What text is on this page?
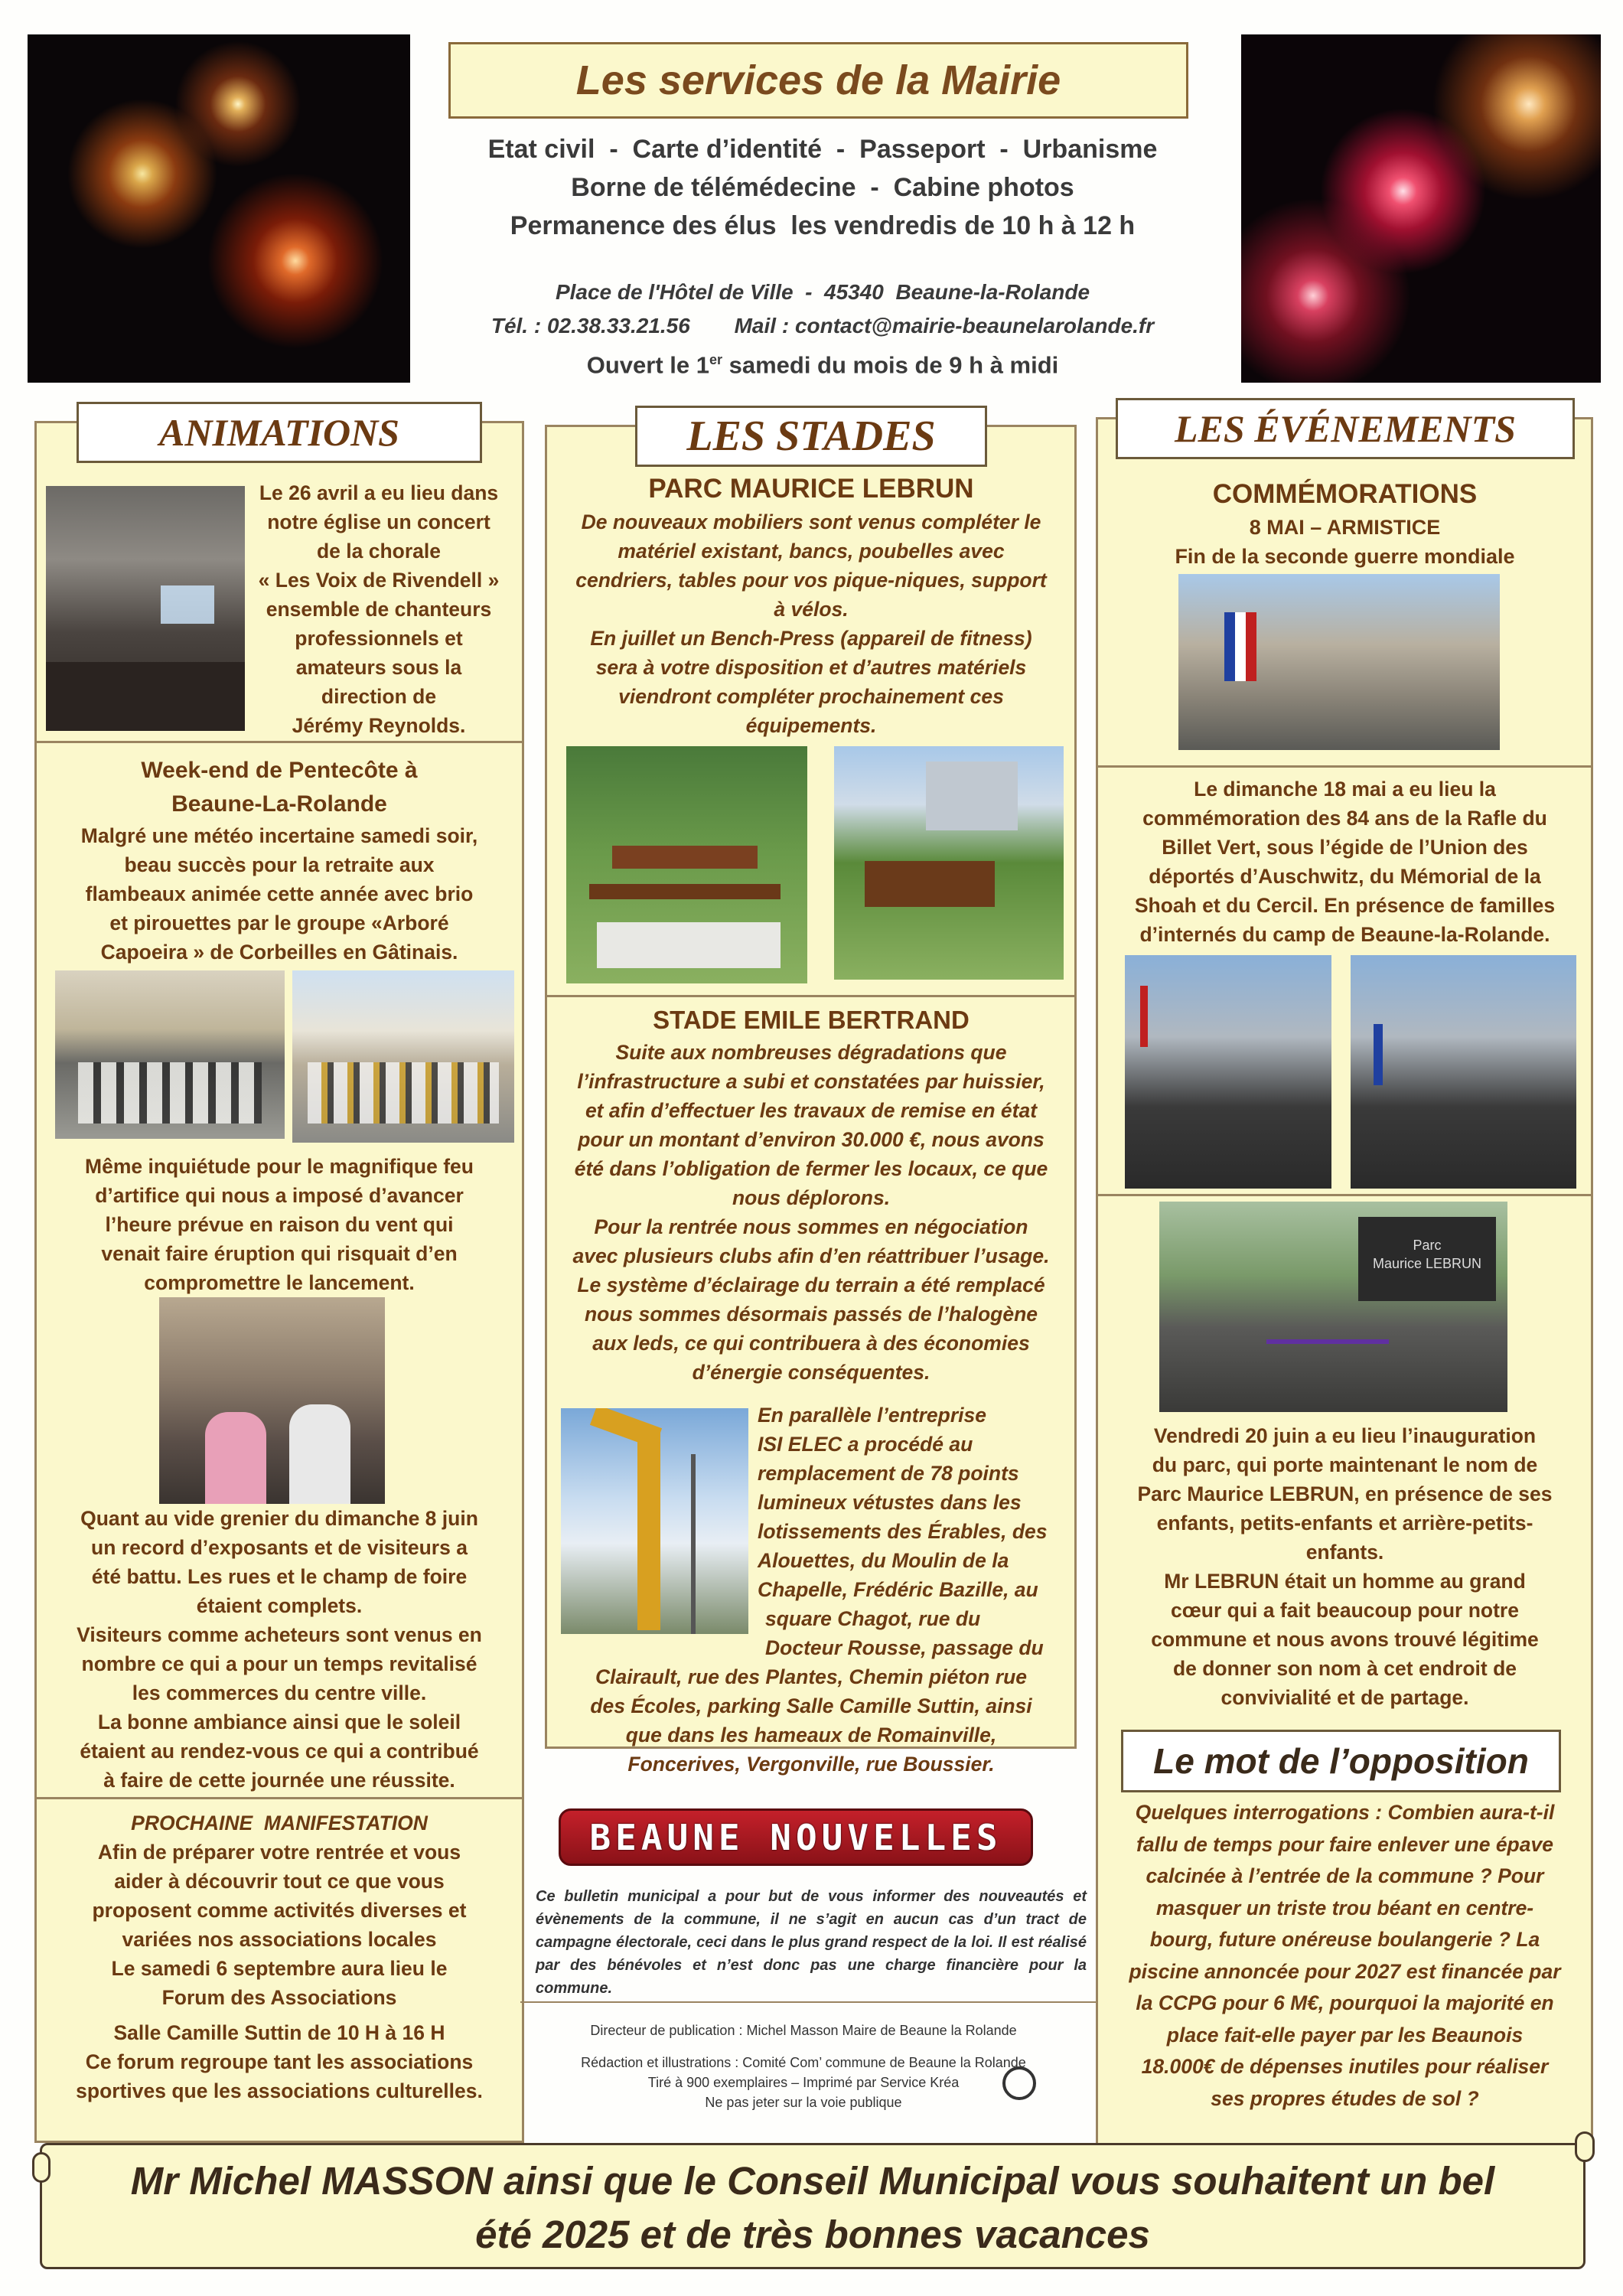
Les services de la Mairie
Etat civil  -  Carte d’identité  -  Passeport  -  Urbanisme
Borne de télémédecine  -  Cabine photos
Permanence des élus  les vendredis de 10 h à 12 h
Place de l'Hôtel de Ville  -  45340  Beaune-la-Rolande
Tél. : 02.38.33.21.56 Mail : contact@mairie-beaunelarolande.fr
Ouvert le 1er samedi du mois de 9 h à midi
ANIMATIONS
Le 26 avril a eu lieu dans
notre église un concert
de la chorale
« Les Voix de Rivendell »
ensemble de chanteurs
professionnels et
amateurs sous la
direction de
Jérémy Reynolds.
Week-end de Pentecôte à
Beaune-La-Rolande
Malgré une météo incertaine samedi soir,
beau succès pour la retraite aux
flambeaux animée cette année avec brio
et pirouettes par le groupe «Arboré
Capoeira » de Corbeilles en Gâtinais.
Même inquiétude pour le magnifique feu
d’artifice qui nous a imposé d’avancer
l’heure prévue en raison du vent qui
venait faire éruption qui risquait d’en
compromettre le lancement.
Quant au vide grenier du dimanche 8 juin
un record d’exposants et de visiteurs a
été battu. Les rues et le champ de foire
étaient complets.
Visiteurs comme acheteurs sont venus en
nombre ce qui a pour un temps revitalisé
les commerces du centre ville.
La bonne ambiance ainsi que le soleil
étaient au rendez-vous ce qui a contribué
à faire de cette journée une réussite.
PROCHAINE  MANIFESTATION
Afin de préparer votre rentrée et vous
aider à découvrir tout ce que vous
proposent comme activités diverses et
variées nos associations locales
Le samedi 6 septembre aura lieu le
Forum des Associations
Salle Camille Suttin de 10 H à 16 H
Ce forum regroupe tant les associations
sportives que les associations culturelles.
LES STADES
PARC MAURICE LEBRUN
De nouveaux mobiliers sont venus compléter le
matériel existant, bancs, poubelles avec
cendriers, tables pour vos pique-niques, support
à vélos.
En juillet un Bench-Press (appareil de fitness)
sera à votre disposition et d’autres matériels
viendront compléter prochainement ces
équipements.
STADE EMILE BERTRAND
Suite aux nombreuses dégradations que
l’infrastructure a subi et constatées par huissier,
et afin d’effectuer les travaux de remise en état
pour un montant d’environ 30.000 €, nous avons
été dans l’obligation de fermer les locaux, ce que
nous déplorons.
Pour la rentrée nous sommes en négociation
avec plusieurs clubs afin d’en réattribuer l’usage.
Le système d’éclairage du terrain a été remplacé
nous sommes désormais passés de l’halogène
aux leds, ce qui contribuera à des économies
d’énergie conséquentes.
En parallèle l’entreprise
ISI ELEC a procédé au
remplacement de 78 points
lumineux vétustes dans les
lotissements des Érables, des
Alouettes, du Moulin de la
Chapelle, Frédéric Bazille, au
square Chagot, rue du
Docteur Rousse, passage du
Clairault, rue des Plantes, Chemin piéton rue
des Écoles, parking Salle Camille Suttin, ainsi
que dans les hameaux de Romainville,
Foncerives, Vergonville, rue Boussier.
BEAUNE NOUVELLES
Ce bulletin municipal a pour but de vous informer des nouveautés et évènements de la commune, il ne s’agit en aucun cas d’un tract de campagne électorale, ceci dans le plus grand respect de la loi. Il est réalisé par des bénévoles et n’est donc pas une charge financière pour la commune.
Directeur de publication : Michel Masson Maire de Beaune la Rolande
Rédaction et illustrations : Comité Com’ commune de Beaune la Rolande
Tiré à 900 exemplaires – Imprimé par Service Kréa
Ne pas jeter sur la voie publique
LES ÉVÉNEMENTS
COMMÉMORATIONS
8 MAI – ARMISTICE
Fin de la seconde guerre mondiale
Le dimanche 18 mai a eu lieu la
commémoration des 84 ans de la Rafle du
Billet Vert, sous l’égide de l’Union des
déportés d’Auschwitz, du Mémorial de la
Shoah et du Cercil. En présence de familles
d’internés du camp de Beaune-la-Rolande.
Parc
Maurice LEBRUN
Vendredi 20 juin a eu lieu l’inauguration
du parc, qui porte maintenant le nom de
Parc Maurice LEBRUN, en présence de ses
enfants, petits-enfants et arrière-petits-
enfants.
Mr LEBRUN était un homme au grand
cœur qui a fait beaucoup pour notre
commune et nous avons trouvé légitime
de donner son nom à cet endroit de
convivialité et de partage.
Le mot de l’opposition
Quelques interrogations : Combien aura-t-il
fallu de temps pour faire enlever une épave
calcinée à l’entrée de la commune ? Pour
masquer un triste trou béant en centre-
bourg, future onéreuse boulangerie ? La
piscine annoncée pour 2027 est financée par
la CCPG pour 6 M€, pourquoi la majorité en
place fait-elle payer par les Beaunois
18.000€ de dépenses inutiles pour réaliser
ses propres études de sol ?
Mr Michel MASSON ainsi que le Conseil Municipal vous souhaitent un bel
été 2025 et de très bonnes vacances
